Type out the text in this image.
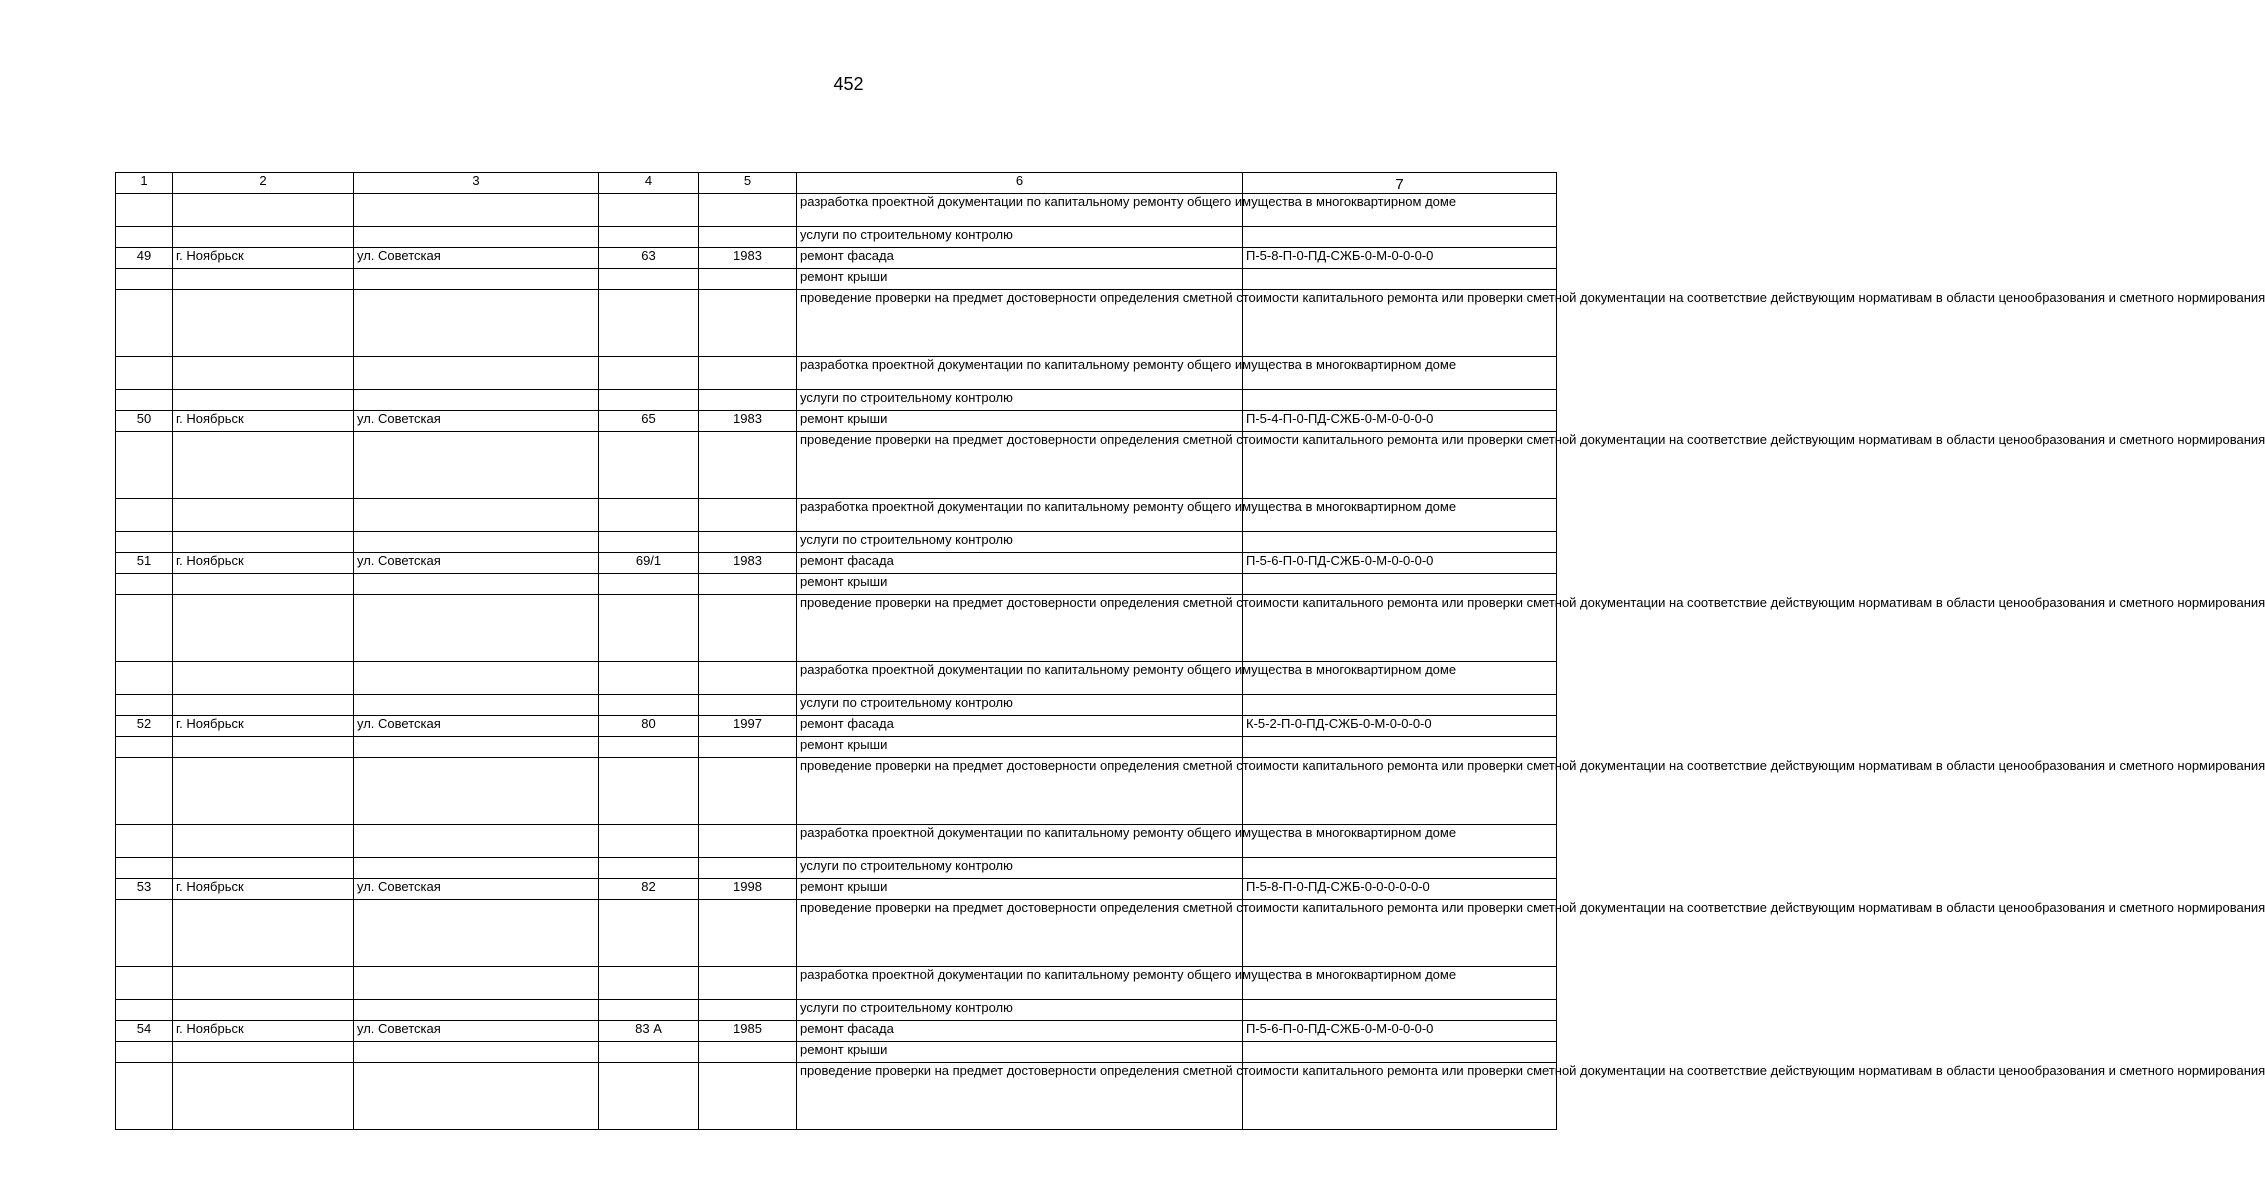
452
1	2	3	4	5	6	7
					разработка проектной документации по капитальному ремонту общего имущества в многоквартирном доме	
					услуги по строительному контролю	
49	г. Ноябрьск	ул. Советская	63	1983	ремонт фасада	П-5-8-П-0-ПД-СЖБ-0-М-0-0-0-0
					ремонт крыши	
					проведение проверки на предмет достоверности определения сметной стоимости капитального ремонта или проверки сметной документации на соответствие действующим нормативам в области ценообразования и сметного нормирования	
					разработка проектной документации по капитальному ремонту общего имущества в многоквартирном доме	
					услуги по строительному контролю	
50	г. Ноябрьск	ул. Советская	65	1983	ремонт крыши	П-5-4-П-0-ПД-СЖБ-0-М-0-0-0-0
					проведение проверки на предмет достоверности определения сметной стоимости капитального ремонта или проверки сметной документации на соответствие действующим нормативам в области ценообразования и сметного нормирования	
					разработка проектной документации по капитальному ремонту общего имущества в многоквартирном доме	
					услуги по строительному контролю	
51	г. Ноябрьск	ул. Советская	69/1	1983	ремонт фасада	П-5-6-П-0-ПД-СЖБ-0-М-0-0-0-0
					ремонт крыши	
					проведение проверки на предмет достоверности определения сметной стоимости капитального ремонта или проверки сметной документации на соответствие действующим нормативам в области ценообразования и сметного нормирования	
					разработка проектной документации по капитальному ремонту общего имущества в многоквартирном доме	
					услуги по строительному контролю	
52	г. Ноябрьск	ул. Советская	80	1997	ремонт фасада	К-5-2-П-0-ПД-СЖБ-0-М-0-0-0-0
					ремонт крыши	
					проведение проверки на предмет достоверности определения сметной стоимости капитального ремонта или проверки сметной документации на соответствие действующим нормативам в области ценообразования и сметного нормирования	
					разработка проектной документации по капитальному ремонту общего имущества в многоквартирном доме	
					услуги по строительному контролю	
53	г. Ноябрьск	ул. Советская	82	1998	ремонт крыши	П-5-8-П-0-ПД-СЖБ-0-0-0-0-0-0
					проведение проверки на предмет достоверности определения сметной стоимости капитального ремонта или проверки сметной документации на соответствие действующим нормативам в области ценообразования и сметного нормирования	
					разработка проектной документации по капитальному ремонту общего имущества в многоквартирном доме	
					услуги по строительному контролю	
54	г. Ноябрьск	ул. Советская	83 А	1985	ремонт фасада	П-5-6-П-0-ПД-СЖБ-0-М-0-0-0-0
					ремонт крыши	
					проведение проверки на предмет достоверности определения сметной стоимости капитального ремонта или проверки сметной документации на соответствие действующим нормативам в области ценообразования и сметного нормирования	
